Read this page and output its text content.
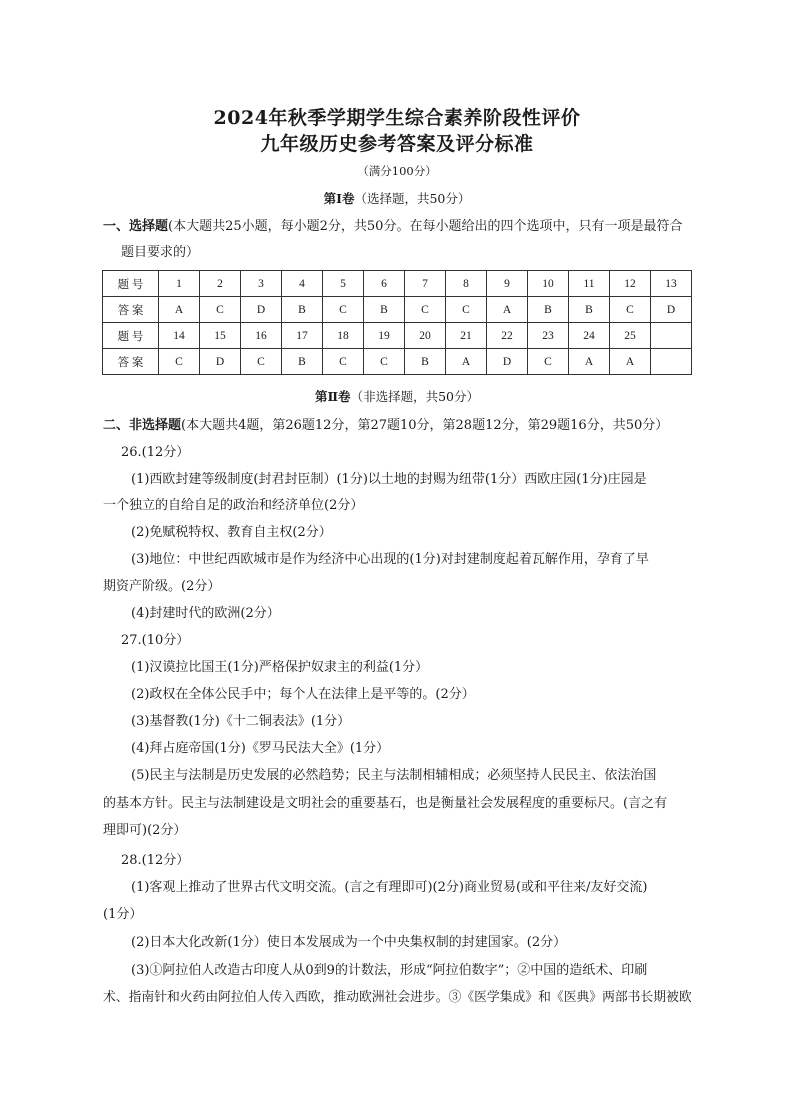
2024年秋季学期学生综合素养阶段性评价
九年级历史参考答案及评分标准
（满分100分）
第Ⅰ卷（选择题，共50分）
一、选择题(本大题共25小题，每小题2分，共50分。在每小题给出的四个选项中，只有一项是最符合
题目要求的）
题 号	1	2	3	4	5	6	7	8	9	10	11	12	13
答 案	A	C	D	B	C	B	C	C	A	B	B	C	D
题 号	14	15	16	17	18	19	20	21	22	23	24	25	
答 案	C	D	C	B	C	C	B	A	D	C	A	A	
第Ⅱ卷（非选择题，共50分）
二、非选择题(本大题共4题，第26题12分，第27题10分，第28题12分，第29题16分，共50分）
26.(12分）
(1)西欧封建等级制度(封君封臣制）(1分)以土地的封赐为纽带(1分）西欧庄园(1分)庄园是
一个独立的自给自足的政治和经济单位(2分）
(2)免赋税特权、教育自主权(2分）
(3)地位：中世纪西欧城市是作为经济中心出现的(1分)对封建制度起着瓦解作用，孕育了早
期资产阶级。(2分）
(4)封建时代的欧洲(2分）
27.(10分）
(1)汉谟拉比国王(1分)严格保护奴隶主的利益(1分）
(2)政权在全体公民手中；每个人在法律上是平等的。(2分）
(3)基督教(1分)《十二铜表法》(1分）
(4)拜占庭帝国(1分)《罗马民法大全》(1分）
(5)民主与法制是历史发展的必然趋势；民主与法制相辅相成；必须坚持人民民主、依法治国
的基本方针。民主与法制建设是文明社会的重要基石，也是衡量社会发展程度的重要标尺。(言之有
理即可)(2分）
28.(12分）
(1)客观上推动了世界古代文明交流。(言之有理即可)(2分)商业贸易(或和平往来/友好交流)
(1分）
(2)日本大化改新(1分）使日本发展成为一个中央集权制的封建国家。(2分）
(3)①阿拉伯人改造古印度人从0到9的计数法，形成“阿拉伯数字”；②中国的造纸术、印刷
术、指南针和火药由阿拉伯人传入西欧，推动欧洲社会进步。③《医学集成》和《医典》两部书长期被欧
